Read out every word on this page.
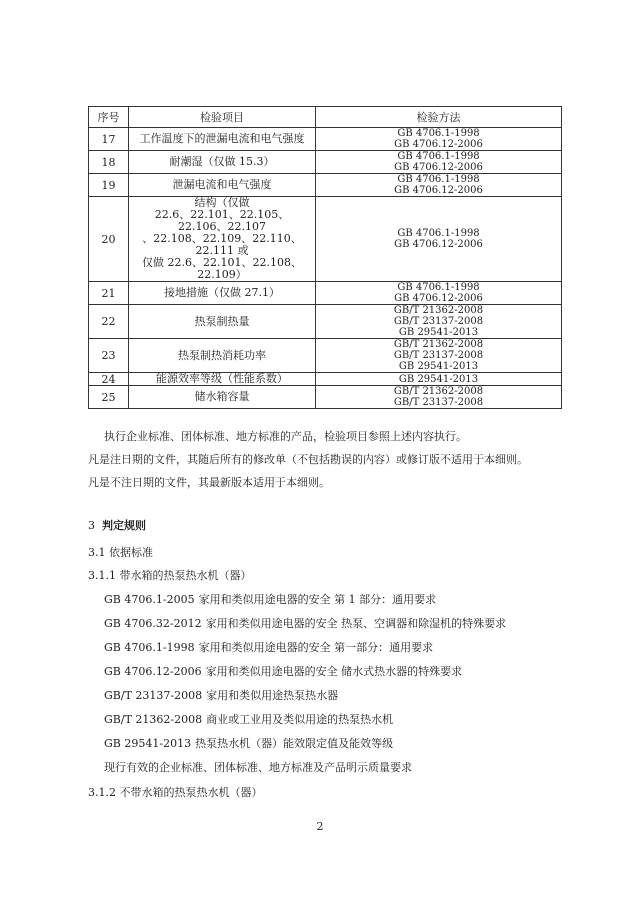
序号	检验项目	检验方法
17	工作温度下的泄漏电流和电气强度	GB 4706.1-1998
GB 4706.12-2006

18	耐潮湿（仅做 15.3）	GB 4706.1-1998
GB 4706.12-2006

19	泄漏电流和电气强度	GB 4706.1-1998
GB 4706.12-2006

20	结构（仅做
22.6、22.101、22.105、22.106、22.107
、22.108、22.109、22.110、22.111 或
仅做 22.6、22.101、22.108、22.109）	GB 4706.1-1998
GB 4706.12-2006

21	接地措施（仅做 27.1）	GB 4706.1-1998
GB 4706.12-2006

22	热泵制热量	GB/T 21362-2008
GB/T 23137-2008
GB 29541-2013

23	热泵制热消耗功率	GB/T 21362-2008
GB/T 23137-2008
GB 29541-2013

24	能源效率等级（性能系数）	GB 29541-2013

25	储水箱容量	GB/T 21362-2008
GB/T 23137-2008
执行企业标准、团体标准、地方标准的产品，检验项目参照上述内容执行。
凡是注日期的文件，其随后所有的修改单（不包括勘误的内容）或修订版不适用于本细则。
凡是不注日期的文件，其最新版本适用于本细则。
3 判定规则
3.1 依据标准
3.1.1 带水箱的热泵热水机（器）
GB 4706.1-2005 家用和类似用途电器的安全 第 1 部分：通用要求
GB 4706.32-2012 家用和类似用途电器的安全 热泵、空调器和除湿机的特殊要求
GB 4706.1-1998 家用和类似用途电器的安全 第一部分：通用要求
GB 4706.12-2006 家用和类似用途电器的安全 储水式热水器的特殊要求
GB/T 23137-2008 家用和类似用途热泵热水器
GB/T 21362-2008 商业或工业用及类似用途的热泵热水机
GB 29541-2013 热泵热水机（器）能效限定值及能效等级
现行有效的企业标准、团体标准、地方标准及产品明示质量要求
3.1.2 不带水箱的热泵热水机（器）
2
